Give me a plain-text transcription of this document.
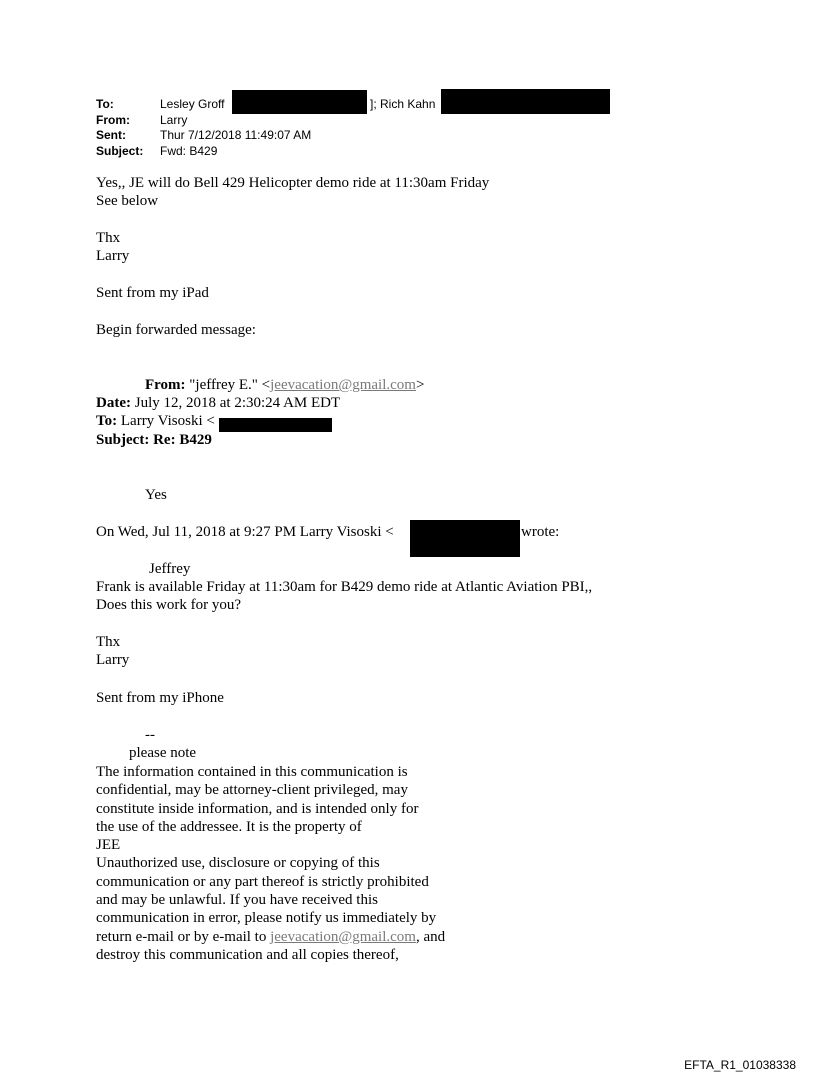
To:	Lesley Groff	]; Rich Kahn
From:	Larry
Sent:	Thur 7/12/2018 11:49:07 AM
Subject:	Fwd: B429

Yes,, JE will do Bell 429 Helicopter demo ride at 11:30am Friday

See below

Thx

Larry

Sent from my iPad
Begin forwarded message:
From: "jeffrey E." <jeevacation@gmail.com>
Date: July 12, 2018 at 2:30:24 AM EDT
To: Larry Visoski <
Subject: Re: B429
Yes
On Wed, Jul 11, 2018 at 9:27 PM Larry Visoski <	wrote:
Jeffrey

Frank is available Friday at 11:30am for B429 demo ride at Atlantic Aviation PBI,,

Does this work for you?

Thx

Larry

Sent from my iPhone
--
please note

The information contained in this communication is

confidential, may be attorney-client privileged, may

constitute inside information, and is intended only for

the use of the addressee. It is the property of

JEE

Unauthorized use, disclosure or copying of this

communication or any part thereof is strictly prohibited

and may be unlawful. If you have received this

communication in error, please notify us immediately by

return e-mail or by e-mail to jeevacation@gmail.com, and

destroy this communication and all copies thereof,

EFTA_R1_01038338
